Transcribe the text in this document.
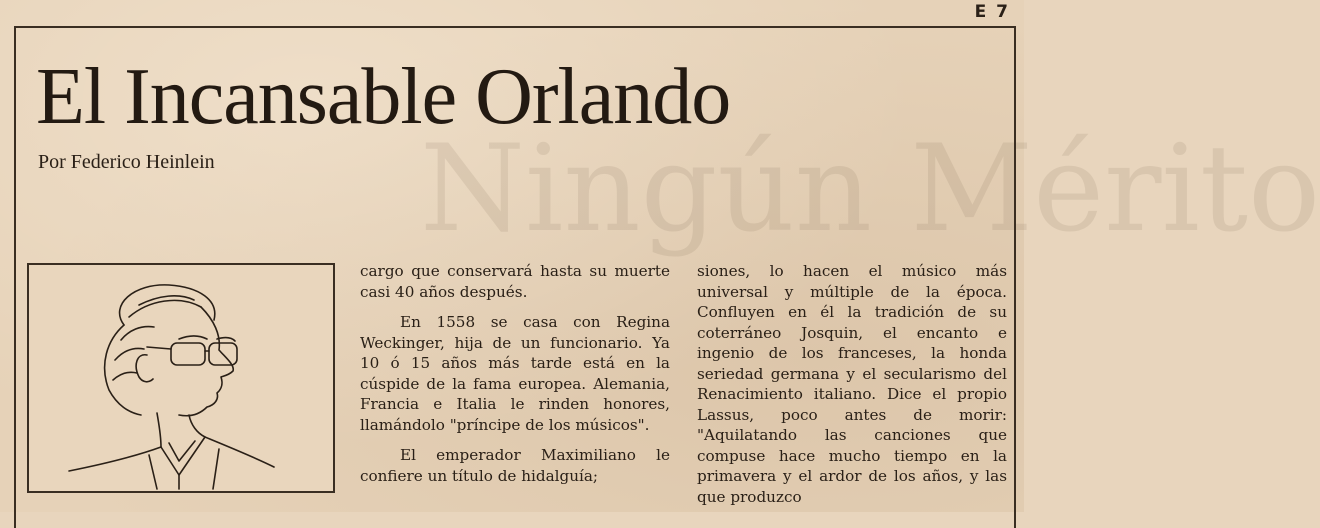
Ningún Mérito
E 7
El Incansable Orlando
Por Federico Heinlein

cargo que conservará hasta su muerte casi 40 años después.

En 1558 se casa con Regina Weckinger, hija de un funcionario. Ya 10 ó 15 años más tarde está en la cúspide de la fama europea. Alemania, Francia e Italia le rinden honores, llamándolo "príncipe de los músicos".

El emperador Maximiliano le confiere un título de hidalguía;

siones, lo hacen el músico más universal y múltiple de la época. Confluyen en él la tradición de su coterráneo Josquin, el encanto e ingenio de los franceses, la honda seriedad germana y el secularismo del Renacimiento italiano. Dice el propio Lassus, poco antes de morir: "Aquilatando las canciones que compuse hace mucho tiempo en la primavera y el ardor de los años, y las que produzco
